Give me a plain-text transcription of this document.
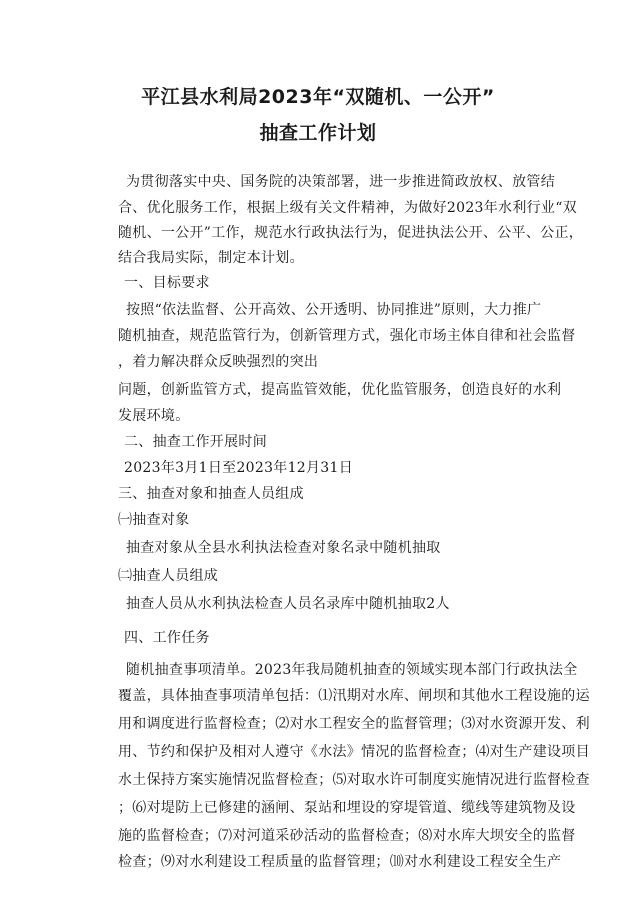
平江县水利局2023年“双随机、一公开”
抽查工作计划
为贯彻落实中央、国务院的决策部署，进一步推进简政放权、放管结
合、优化服务工作，根据上级有关文件精神，为做好2023年水利行业“双
随机、一公开”工作，规范水行政执法行为，促进执法公开、公平、公正，
结合我局实际，制定本计划。
一、目标要求
按照“依法监督、公开高效、公开透明、协同推进”原则，大力推广
随机抽查，规范监管行为，创新管理方式，强化市场主体自律和社会监督
，着力解决群众反映强烈的突出
问题，创新监管方式，提高监管效能，优化监管服务，创造良好的水利
发展环境。
二、抽查工作开展时间
2023年3月1日至2023年12月31日
三、抽查对象和抽查人员组成
㈠抽查对象
抽查对象从全县水利执法检查对象名录中随机抽取
㈡抽查人员组成
抽查人员从水利执法检查人员名录库中随机抽取2人
四、工作任务
随机抽查事项清单。2023年我局随机抽查的领域实现本部门行政执法全
覆盖，具体抽查事项清单包括：⑴汛期对水库、闸坝和其他水工程设施的运
用和调度进行监督检查；⑵对水工程安全的监督管理；⑶对水资源开发、利
用、节约和保护及相对人遵守《水法》情况的监督检查；⑷对生产建设项目
水土保持方案实施情况监督检查；⑸对取水许可制度实施情况进行监督检查
；⑹对堤防上已修建的涵闸、泵站和埋设的穿堤管道、缆线等建筑物及设
施的监督检查；⑺对河道采砂活动的监督检查；⑻对水库大坝安全的监督
检查；⑼对水利建设工程质量的监督管理；⑽对水利建设工程安全生产
